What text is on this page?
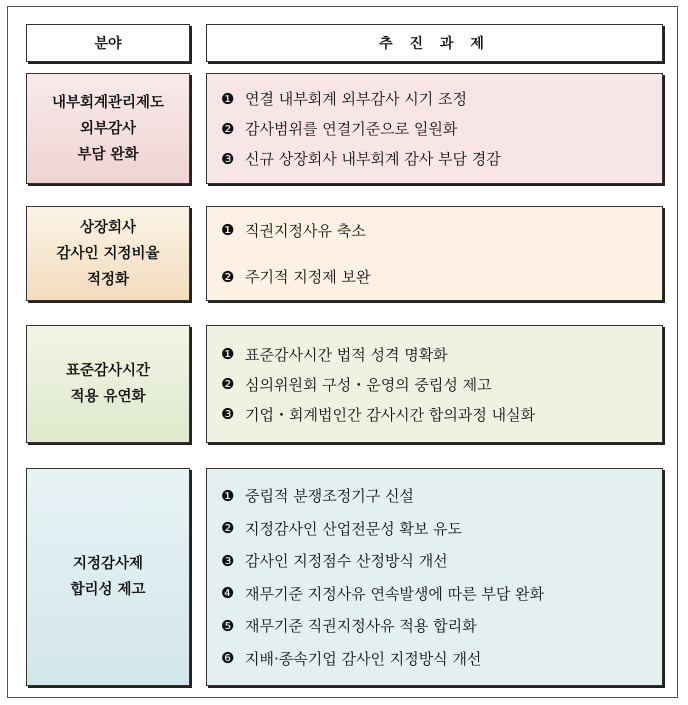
분야	추 진 과 제
내부회계관리제도
외부감사
부담 완화
❶ 연결 내부회계 외부감사 시기 조정
❷ 감사범위를 연결기준으로 일원화
❸ 신규 상장회사 내부회계 감사 부담 경감
상장회사
감사인 지정비율
적정화
❶ 직권지정사유 축소
❷ 주기적 지정제 보완
표준감사시간
적용 유연화
❶ 표준감사시간 법적 성격 명확화
❷ 심의위원회 구성・운영의 중립성 제고
❸ 기업・회계법인간 감사시간 합의과정 내실화
지정감사제
합리성 제고
❶ 중립적 분쟁조정기구 신설
❷ 지정감사인 산업전문성 확보 유도
❸ 감사인 지정점수 산정방식 개선
❹ 재무기준 지정사유 연속발생에 따른 부담 완화
❺ 재무기준 직권지정사유 적용 합리화
❻ 지배·종속기업 감사인 지정방식 개선
